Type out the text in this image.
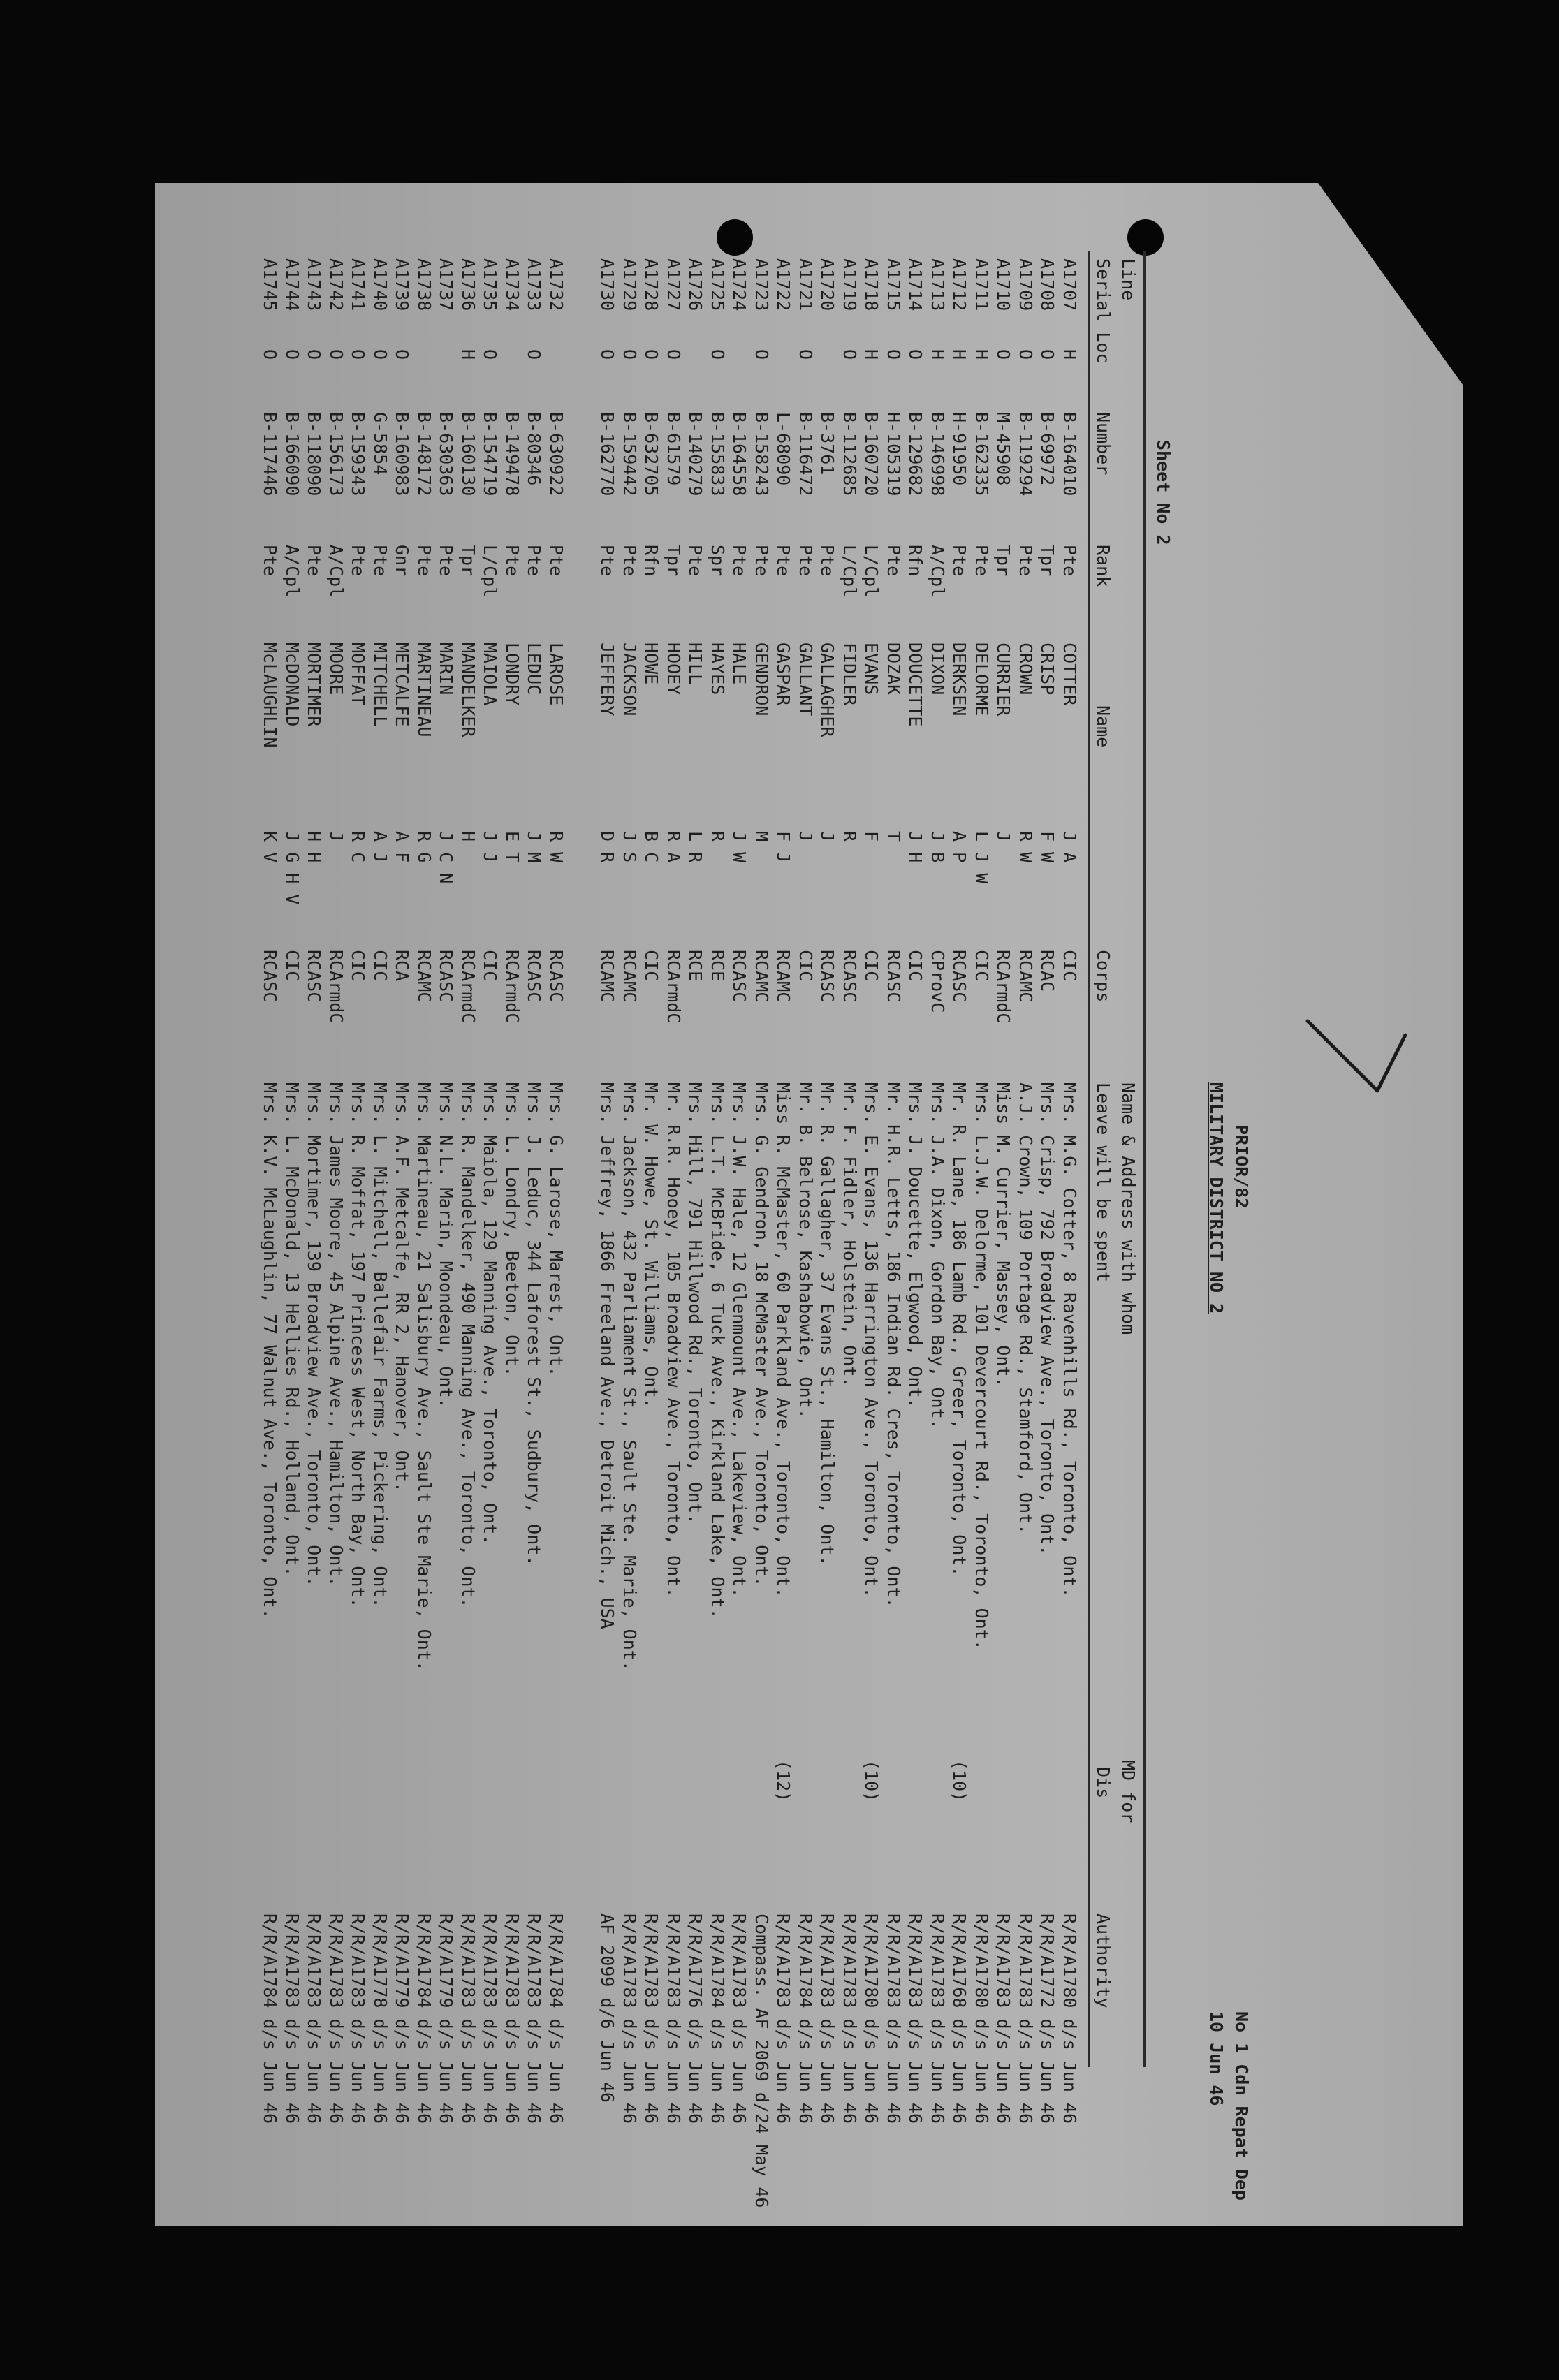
Sheet No 2
PRIOR/82
MILITARY DISTRICT NO 2
No 1 Cdn Repat Dep
10 Jun 46
Line
Serial Loc
Number
Rank
Name
Corps
Name & Address with whom
Leave will be spent
MD for
Dis
Authority
A1707
H
B-164010
Pte
COTTER
J A
CIC
Mrs. M.G. Cotter, 8 Ravenhills Rd., Toronto, Ont.
R/R/A1780 d/s Jun 46
A1708
O
B-69972
Tpr
CRISP
F W
RCAC
Mrs. Crisp, 792 Broadview Ave., Toronto, Ont.
R/R/A1772 d/s Jun 46
A1709
O
B-119294
Pte
CROWN
R W
RCAMC
A.J. Crown, 109 Portage Rd., Stamford, Ont.
R/R/A1783 d/s Jun 46
A1710
O
M-45908
Tpr
CURRIER
J
RCArmdC
Miss M. Currier, Massey, Ont.
R/R/A1783 d/s Jun 46
A1711
H
B-162335
Pte
DELORME
L J W
CIC
Mrs. L.J.W. Delorme, 101 Devercourt Rd., Toronto, Ont.
R/R/A1780 d/s Jun 46
A1712
H
H-91950
Pte
DERKSEN
A P
RCASC
Mr. R. Lane, 186 Lamb Rd., Greer, Toronto, Ont.
(10)
R/R/A1768 d/s Jun 46
A1713
H
B-146998
A/Cpl
DIXON
J B
CProvC
Mrs. J.A. Dixon, Gordon Bay, Ont.
R/R/A1783 d/s Jun 46
A1714
O
B-129682
Rfn
DOUCETTE
J H
CIC
Mrs. J. Doucette, Elgwood, Ont.
R/R/A1783 d/s Jun 46
A1715
O
H-105319
Pte
DOZAK
T
RCASC
Mr. H.R. Letts, 186 Indian Rd. Cres, Toronto, Ont.
R/R/A1783 d/s Jun 46
A1718
H
B-160720
L/Cpl
EVANS
F
CIC
Mrs. E. Evans, 136 Harrington Ave., Toronto, Ont.
(10)
R/R/A1780 d/s Jun 46
A1719
O
B-112685
L/Cpl
FIDLER
R
RCASC
Mr. F. Fidler, Holstein, Ont.
R/R/A1783 d/s Jun 46
A1720
B-3761
Pte
GALLAGHER
J
RCASC
Mr. R. Gallagher, 37 Evans St., Hamilton, Ont.
R/R/A1783 d/s Jun 46
A1721
O
B-116472
Pte
GALLANT
J
CIC
Mr. B. Belrose, Kashabowie, Ont.
R/R/A1784 d/s Jun 46
A1722
L-68090
Pte
GASPAR
F J
RCAMC
Miss R. McMaster, 60 Parkland Ave., Toronto, Ont.
(12)
R/R/A1783 d/s Jun 46
A1723
O
B-158243
Pte
GENDRON
M
RCAMC
Mrs. G. Gendron, 18 McMaster Ave., Toronto, Ont.
Compass. AF 2069 d/24 May 46
A1724
B-164558
Pte
HALE
J W
RCASC
Mrs. J.W. Hale, 12 Glenmount Ave., Lakeview, Ont.
R/R/A1783 d/s Jun 46
A1725
O
B-155833
Spr
HAYES
R
RCE
Mrs. L.T. McBride, 6 Tuck Ave., Kirkland Lake, Ont.
R/R/A1784 d/s Jun 46
A1726
B-140279
Pte
HILL
L R
RCE
Mrs. Hill, 791 Hillwood Rd., Toronto, Ont.
R/R/A1776 d/s Jun 46
A1727
O
B-61579
Tpr
HOOEY
R A
RCArmdC
Mr. R.R. Hooey, 105 Broadview Ave., Toronto, Ont.
R/R/A1783 d/s Jun 46
A1728
O
B-632705
Rfn
HOWE
B C
CIC
Mr. W. Howe, St. Williams, Ont.
R/R/A1783 d/s Jun 46
A1729
O
B-159442
Pte
JACKSON
J S
RCAMC
Mrs. Jackson, 432 Parliament St., Sault Ste. Marie, Ont.
R/R/A1783 d/s Jun 46
A1730
O
B-162770
Pte
JEFFERY
D R
RCAMC
Mrs. Jeffrey, 1866 Freeland Ave., Detroit Mich., USA
AF 2099 d/6 Jun 46
A1732
B-630922
Pte
LAROSE
R W
RCASC
Mrs. G. Larose, Marest, Ont.
R/R/A1784 d/s Jun 46
A1733
O
B-80346
Pte
LEDUC
J M
RCASC
Mrs. J. Leduc, 344 Laforest St., Sudbury, Ont.
R/R/A1783 d/s Jun 46
A1734
B-149478
Pte
LONDRY
E T
RCArmdC
Mrs. L. Londry, Beeton, Ont.
R/R/A1783 d/s Jun 46
A1735
O
B-154719
L/Cpl
MAIOLA
J J
CIC
Mrs. Maiola, 129 Manning Ave., Toronto, Ont.
R/R/A1783 d/s Jun 46
A1736
H
B-160130
Tpr
MANDELKER
H
RCArmdC
Mrs. R. Mandelker, 490 Manning Ave., Toronto, Ont.
R/R/A1783 d/s Jun 46
A1737
B-630363
Pte
MARIN
J C N
RCASC
Mrs. N.L. Marin, Moondeau, Ont.
R/R/A1779 d/s Jun 46
A1738
B-148172
Pte
MARTINEAU
R G
RCAMC
Mrs. Martineau, 21 Salisbury Ave., Sault Ste Marie, Ont.
R/R/A1784 d/s Jun 46
A1739
O
B-160983
Gnr
METCALFE
A F
RCA
Mrs. A.F. Metcalfe, RR 2, Hanover, Ont.
R/R/A1779 d/s Jun 46
A1740
O
G-5854
Pte
MITCHELL
A J
CIC
Mrs. L. Mitchell, Ballefair Farms, Pickering, Ont.
R/R/A1778 d/s Jun 46
A1741
O
B-159343
Pte
MOFFAT
R C
CIC
Mrs. R. Moffat, 197 Princess West, North Bay, Ont.
R/R/A1783 d/s Jun 46
A1742
O
B-156173
A/Cpl
MOORE
J
RCArmdC
Mrs. James Moore, 45 Alpine Ave., Hamilton, Ont.
R/R/A1783 d/s Jun 46
A1743
O
B-118090
Pte
MORTIMER
H H
RCASC
Mrs. Mortimer, 139 Broadview Ave., Toronto, Ont.
R/R/A1783 d/s Jun 46
A1744
O
B-166090
A/Cpl
McDONALD
J G H V
CIC
Mrs. L. McDonald, 13 Hellies Rd., Holland, Ont.
R/R/A1783 d/s Jun 46
A1745
O
B-117446
Pte
McLAUGHLIN
K V
RCASC
Mrs. K.V. McLaughlin, 77 Walnut Ave., Toronto, Ont.
R/R/A1784 d/s Jun 46
